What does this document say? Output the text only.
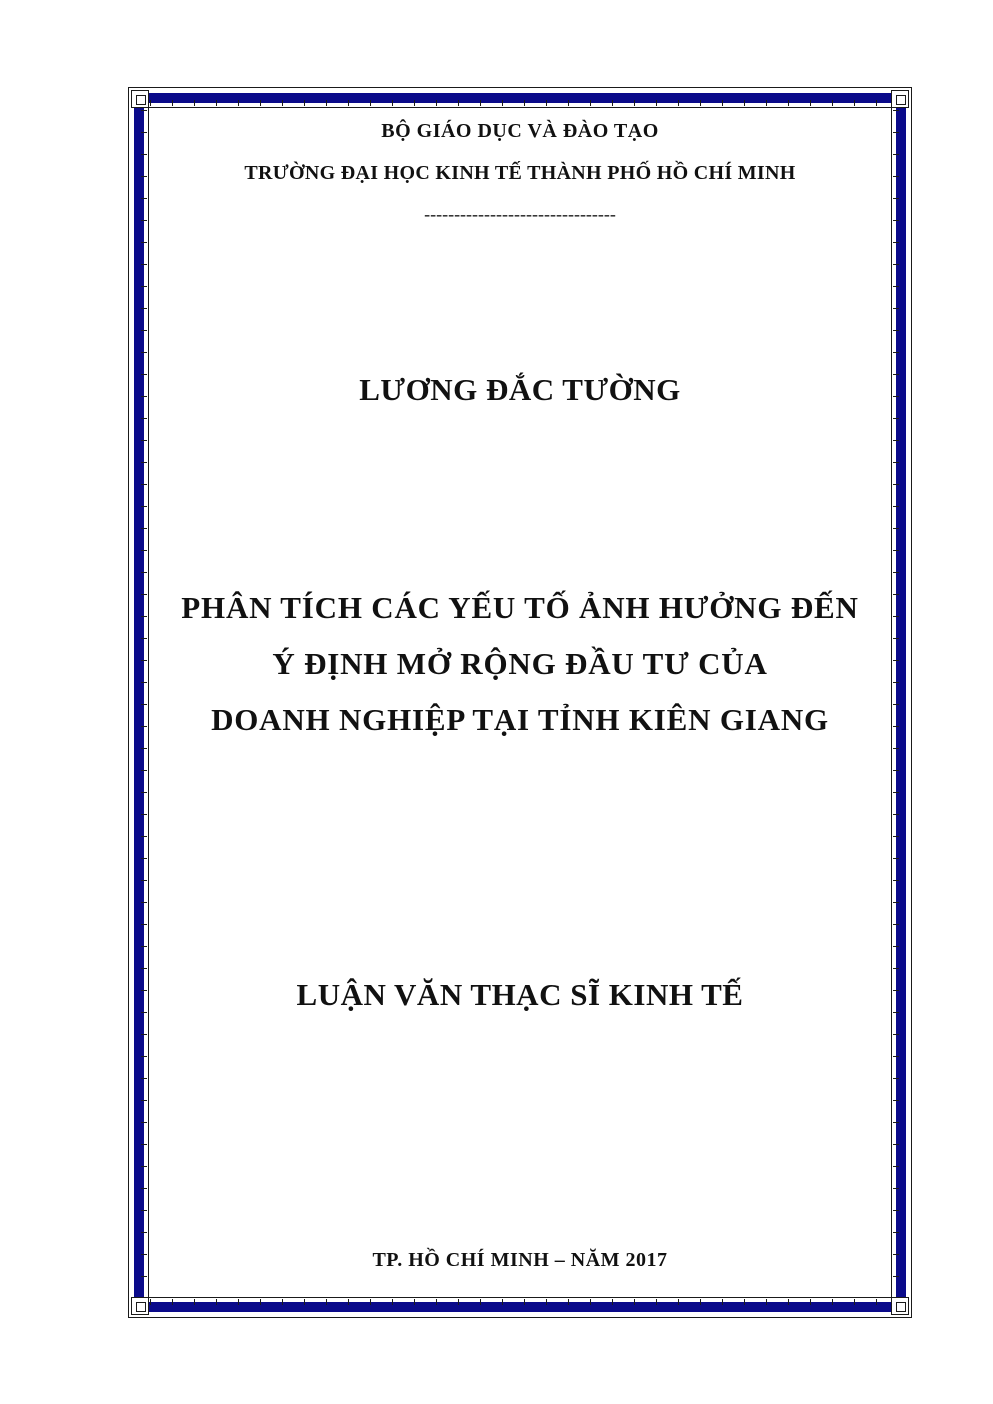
BỘ GIÁO DỤC VÀ ĐÀO TẠO
TRƯỜNG ĐẠI HỌC KINH TẾ THÀNH PHỐ HỒ CHÍ MINH
--------------------------------
LƯƠNG ĐẮC TƯỜNG
PHÂN TÍCH CÁC YẾU TỐ ẢNH HƯỞNG ĐẾN
Ý ĐỊNH MỞ RỘNG ĐẦU TƯ CỦA
DOANH NGHIỆP TẠI TỈNH KIÊN GIANG
LUẬN VĂN THẠC SĨ KINH TẾ
TP. HỒ CHÍ MINH – NĂM 2017
